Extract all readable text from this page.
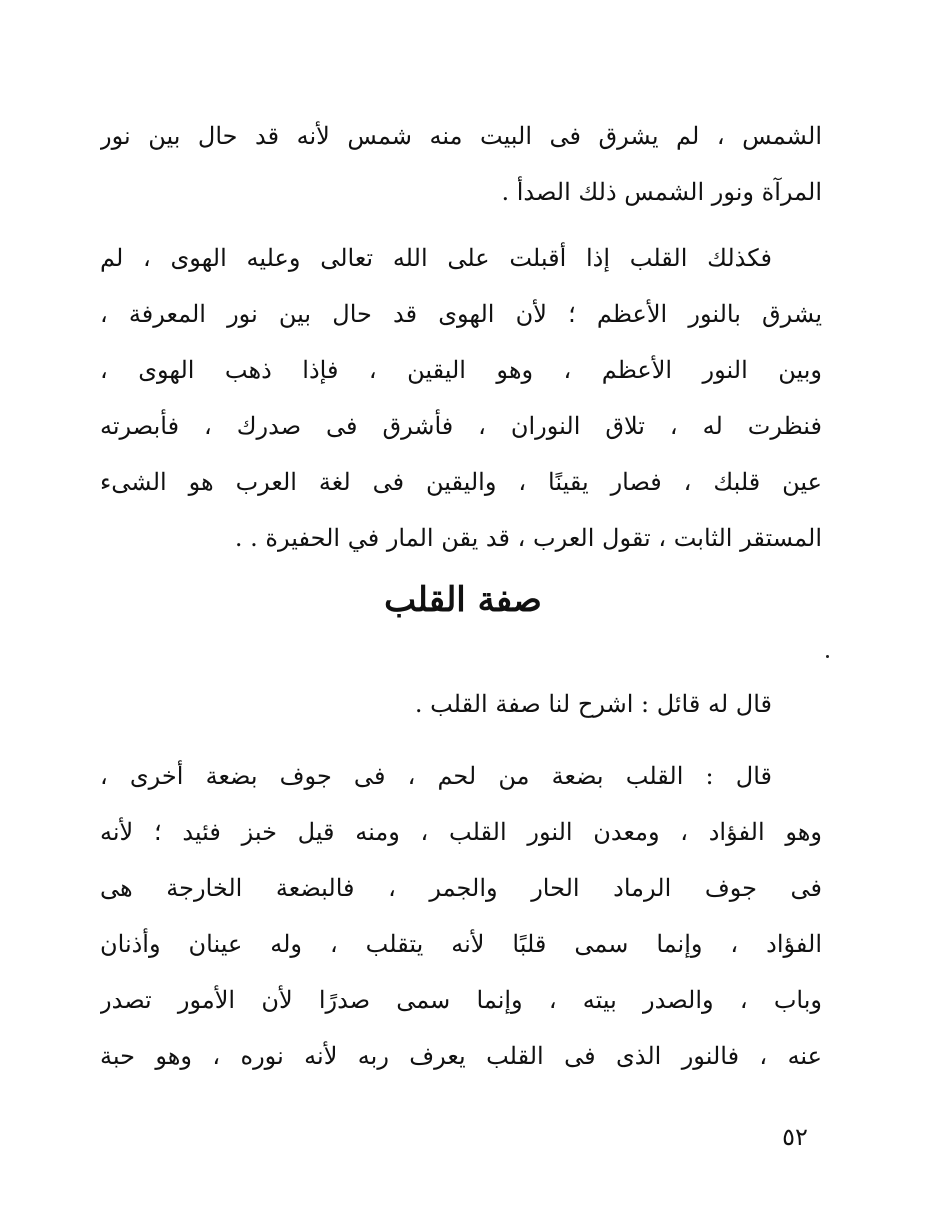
الشمس ، لم يشرق فى البيت منه شمس لأنه قد حال بين نور
المرآة ونور الشمس ذلك الصدأ .
فكذلك القلب إذا أقبلت على الله تعالى وعليه الهوى ، لم
يشرق بالنور الأعظم ؛ لأن الهوى قد حال بين نور المعرفة ،
وبين النور الأعظم ، وهو اليقين ، فإذا ذهب الهوى ،
فنظرت له ، تلاق النوران ، فأشرق فى صدرك ، فأبصرته
عين قلبك ، فصار يقينًا ، واليقين فى لغة العرب هو الشىء
المستقر الثابت ، تقول العرب ، قد يقن المار في الحفيرة . .
صفة القلب
قال له قائل : اشرح لنا صفة القلب .
قال : القلب بضعة من لحم ، فى جوف بضعة أخرى ،
وهو الفؤاد ، ومعدن النور القلب ، ومنه قيل خبز فئيد ؛ لأنه
فى جوف الرماد الحار والجمر ، فالبضعة الخارجة هى
الفؤاد ، وإنما سمى قلبًا لأنه يتقلب ، وله عينان وأذنان
وباب ، والصدر بيته ، وإنما سمى صدرًا لأن الأمور تصدر
عنه ، فالنور الذى فى القلب يعرف ربه لأنه نوره ، وهو حبة
٥٢
